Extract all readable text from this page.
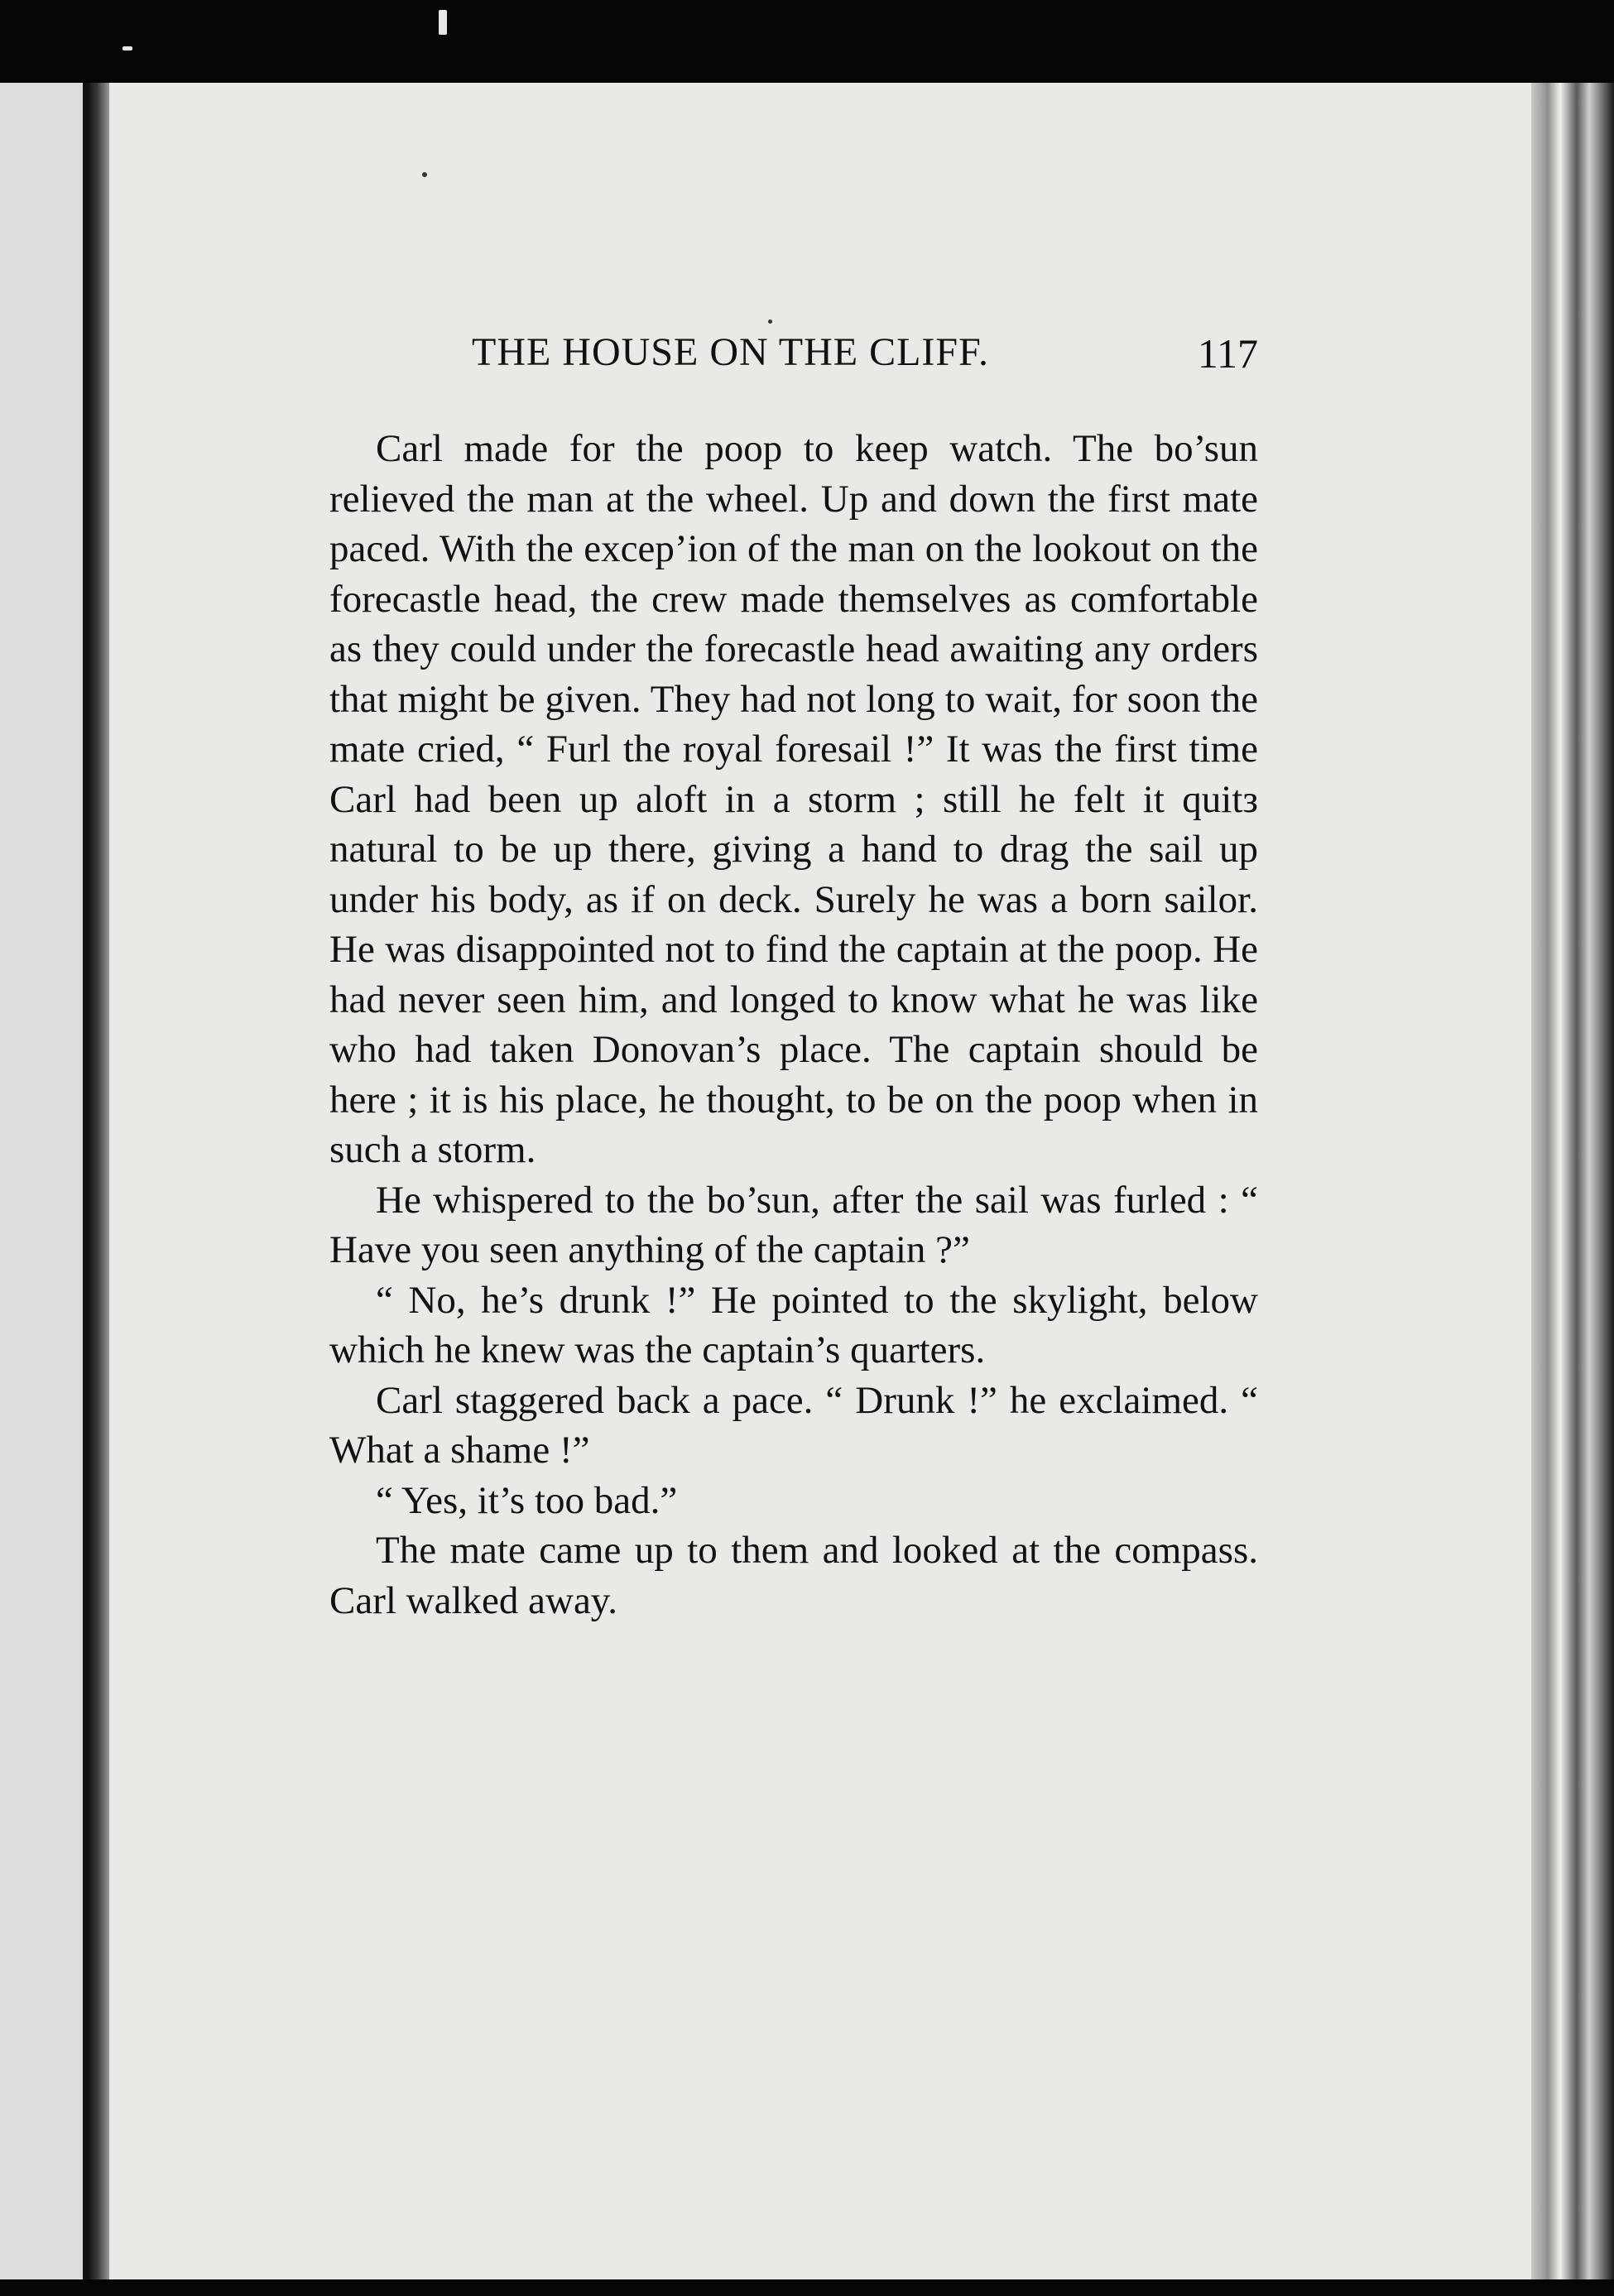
THE HOUSE ON THE CLIFF.	117

Carl made for the poop to keep watch. The bo’sun relieved the man at the wheel. Up and down the first mate paced. With the excep’ion of the man on the lookout on the forecastle head, the crew made themselves as comfortable as they could under the forecastle head awaiting any orders that might be given. They had not long to wait, for soon the mate cried, “ Furl the royal foresail !” It was the first time Carl had been up aloft in a storm ; still he felt it quitз natural to be up there, giving a hand to drag the sail up under his body, as if on deck. Surely he was a born sailor. He was disappointed not to find the captain at the poop. He had never seen him, and longed to know what he was like who had taken Donovan’s place. The captain should be here ; it is his place, he thought, to be on the poop when in such a storm.

He whispered to the bo’sun, after the sail was furled : “ Have you seen anything of the captain ?”

“ No, he’s drunk !” He pointed to the skylight, below which he knew was the captain’s quarters.

Carl staggered back a pace. “ Drunk !” he exclaimed. “ What a shame !”

“ Yes, it’s too bad.”

The mate came up to them and looked at the compass. Carl walked away.
